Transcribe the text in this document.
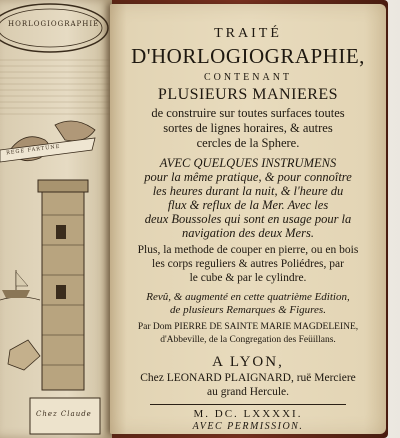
HORLOGIOGRAPHIE
REGE FARTUNE
Chez Claude
TRAITÉ
D'HORLOGIOGRAPHIE,
CONTENANT
PLUSIEURS MANIERES
de construire sur toutes surfaces toutes
sortes de lignes horaires, & autres
cercles de la Sphere.
AVEC QUELQUES INSTRUMENS
pour la même pratique, & pour connoître
les heures durant la nuit, & l'heure du
flux & reflux de la Mer. Avec les
deux Boussoles qui sont en usage pour la
navigation des deux Mers.
Plus, la methode de couper en pierre, ou en bois
les corps reguliers & autres Poliédres, par
le cube & par le cylindre.
Revû, & augmenté en cette quatrième Edition,
de plusieurs Remarques & Figures.
Par Dom PIERRE DE SAINTE MARIE MAGDELEINE,
d'Abbeville, de la Congregation des Feüillans.
A LYON,
Chez LEONARD PLAIGNARD, ruë Merciere
au grand Hercule.
M. DC. LXXXXI.
AVEC PERMISSION.
